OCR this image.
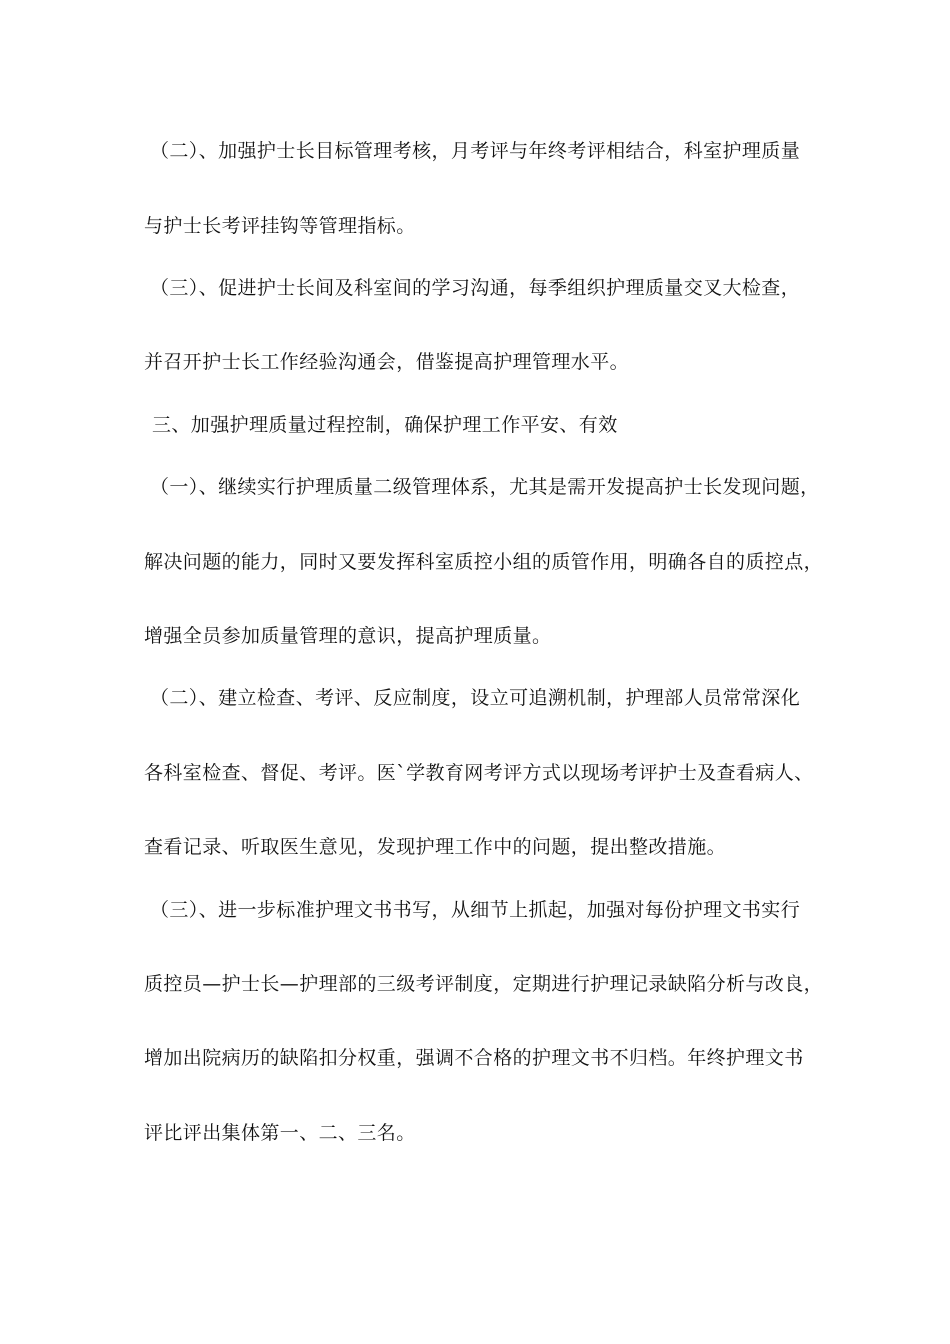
（二）、加强护士长目标管理考核，月考评与年终考评相结合，科室护理质量
与护士长考评挂钩等管理指标。
（三）、促进护士长间及科室间的学习沟通，每季组织护理质量交叉大检查，
并召开护士长工作经验沟通会，借鉴提高护理管理水平。
三、加强护理质量过程控制，确保护理工作平安、有效
（一）、继续实行护理质量二级管理体系，尤其是需开发提高护士长发现问题，
解决问题的能力，同时又要发挥科室质控小组的质管作用，明确各自的质控点，
增强全员参加质量管理的意识，提高护理质量。
（二）、建立检查、考评、反应制度，设立可追溯机制，护理部人员常常深化
各科室检查、督促、考评。医`学教育网考评方式以现场考评护士及查看病人、
查看记录、听取医生意见，发现护理工作中的问题，提出整改措施。
（三）、进一步标准护理文书书写，从细节上抓起，加强对每份护理文书实行
质控员—护士长—护理部的三级考评制度，定期进行护理记录缺陷分析与改良，
增加出院病历的缺陷扣分权重，强调不合格的护理文书不归档。年终护理文书
评比评出集体第一、二、三名。
